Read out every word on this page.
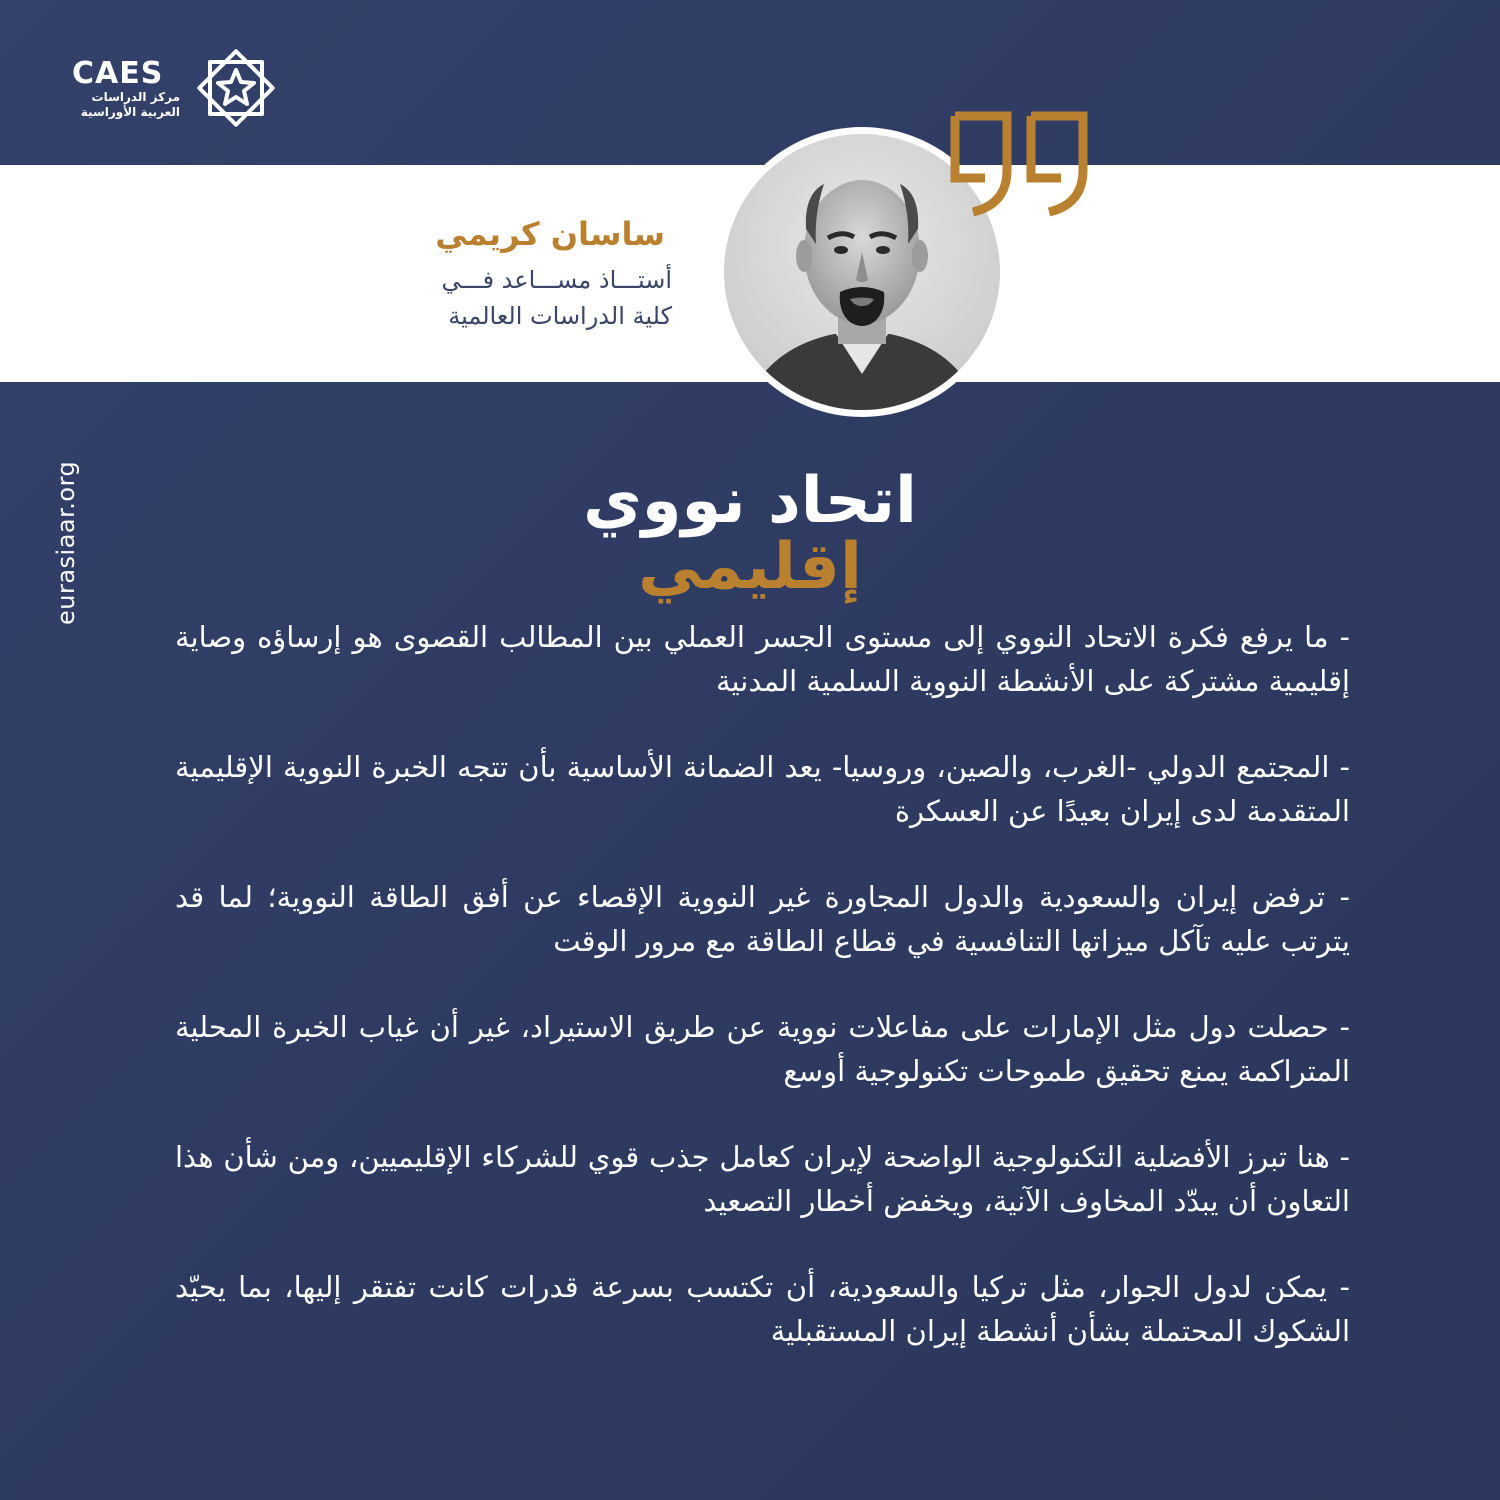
CAES
مركز الدراسات
العربية الأوراسية
ساسان كريمي
أستـــاذ مســـاعد فـــي
كلية الدراسات العالمية
eurasiaar.org	اتحاد نووي
إقليمي

- ما يرفع فكرة الاتحاد النووي إلى مستوى الجسر العملي بين المطالب القصوى هو إرساؤه وصاية إقليمية مشتركة على الأنشطة النووية السلمية المدنية

- المجتمع الدولي -الغرب، والصين، وروسيا- يعد الضمانة الأساسية بأن تتجه الخبرة النووية الإقليمية المتقدمة لدى إيران بعيدًا عن العسكرة

- ترفض إيران والسعودية والدول المجاورة غير النووية الإقصاء عن أفق الطاقة النووية؛ لما قد يترتب عليه تآكل ميزاتها التنافسية في قطاع الطاقة مع مرور الوقت

- حصلت دول مثل الإمارات على مفاعلات نووية عن طريق الاستيراد، غير أن غياب الخبرة المحلية المتراكمة يمنع تحقيق طموحات تكنولوجية أوسع

- هنا تبرز الأفضلية التكنولوجية الواضحة لإيران كعامل جذب قوي للشركاء الإقليميين، ومن شأن هذا التعاون أن يبدّد المخاوف الآنية، ويخفض أخطار التصعيد

- يمكن لدول الجوار، مثل تركيا والسعودية، أن تكتسب بسرعة قدرات كانت تفتقر إليها، بما يحيّد الشكوك المحتملة بشأن أنشطة إيران المستقبلية
